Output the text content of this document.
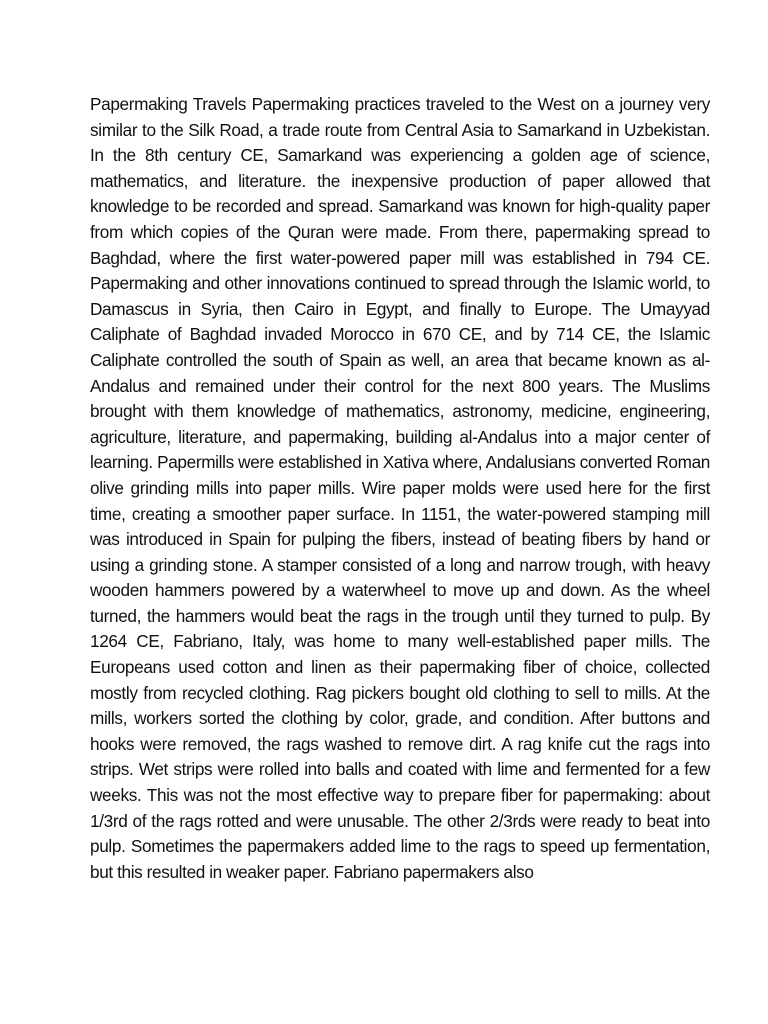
Papermaking Travels Papermaking practices traveled to the West on a journey very similar to the Silk Road, a trade route from Central Asia to Samarkand in Uzbekistan. In the 8th century CE, Samarkand was experiencing a golden age of science, mathematics, and literature. the inexpensive production of paper allowed that knowledge to be recorded and spread. Samarkand was known for high-quality paper from which copies of the Quran were made. From there, papermaking spread to Baghdad, where the first water-powered paper mill was established in 794 CE. Papermaking and other innovations continued to spread through the Islamic world, to Damascus in Syria, then Cairo in Egypt, and finally to Europe. The Umayyad Caliphate of Baghdad invaded Morocco in 670 CE, and by 714 CE, the Islamic Caliphate controlled the south of Spain as well, an area that became known as al-Andalus and remained under their control for the next 800 years. The Muslims brought with them knowledge of mathematics, astronomy, medicine, engineering, agriculture, literature, and papermaking, building al-Andalus into a major center of learning. Papermills were established in Xativa where, Andalusians converted Roman olive grinding mills into paper mills. Wire paper molds were used here for the first time, creating a smoother paper surface. In 1151, the water-powered stamping mill was introduced in Spain for pulping the fibers, instead of beating fibers by hand or using a grinding stone. A stamper consisted of a long and narrow trough, with heavy wooden hammers powered by a waterwheel to move up and down. As the wheel turned, the hammers would beat the rags in the trough until they turned to pulp. By 1264 CE, Fabriano, Italy, was home to many well-established paper mills. The Europeans used cotton and linen as their papermaking fiber of choice, collected mostly from recycled clothing. Rag pickers bought old clothing to sell to mills. At the mills, workers sorted the clothing by color, grade, and condition. After buttons and hooks were removed, the rags washed to remove dirt. A rag knife cut the rags into strips. Wet strips were rolled into balls and coated with lime and fermented for a few weeks. This was not the most effective way to prepare fiber for papermaking: about 1/3rd of the rags rotted and were unusable. The other 2/3rds were ready to beat into pulp. Sometimes the papermakers added lime to the rags to speed up fermentation, but this resulted in weaker paper. Fabriano papermakers also
